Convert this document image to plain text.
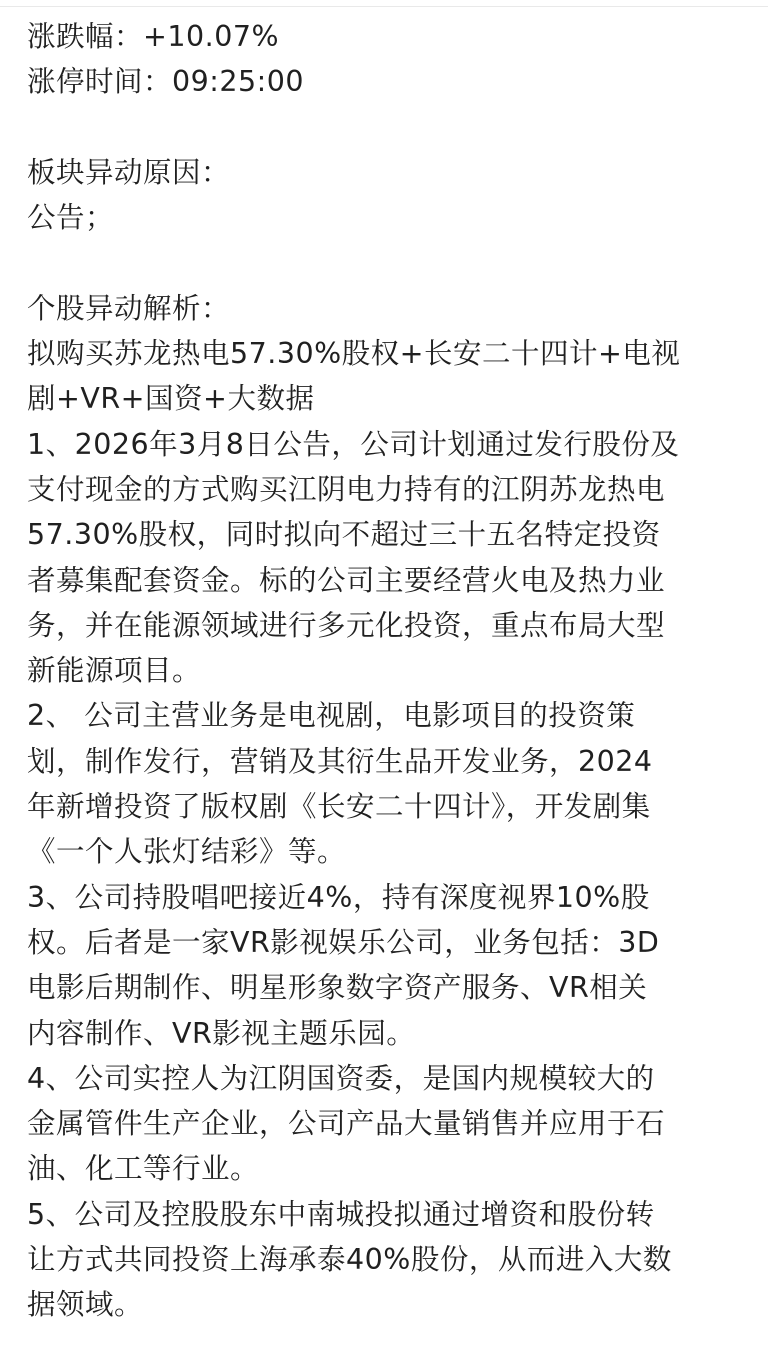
涨跌幅：+10.07%

涨停时间：09:25:00

板块异动原因：

公告；

个股异动解析：

拟购买苏龙热电57.30%股权+长安二十四计+电视

剧+VR+国资+大数据

1、2026年3月8日公告，公司计划通过发行股份及

支付现金的方式购买江阴电力持有的江阴苏龙热电

57.30%股权，同时拟向不超过三十五名特定投资

者募集配套资金。标的公司主要经营火电及热力业

务，并在能源领域进行多元化投资，重点布局大型

新能源项目。

2、 公司主营业务是电视剧，电影项目的投资策

划，制作发行，营销及其衍生品开发业务，2024

年新增投资了版权剧《长安二十四计》，开发剧集

《一个人张灯结彩》等。

3、公司持股唱吧接近4%，持有深度视界10%股

权。后者是一家VR影视娱乐公司，业务包括：3D

电影后期制作、明星形象数字资产服务、VR相关

内容制作、VR影视主题乐园。

4、公司实控人为江阴国资委，是国内规模较大的

金属管件生产企业，公司产品大量销售并应用于石

油、化工等行业。

5、公司及控股股东中南城投拟通过增资和股份转

让方式共同投资上海承泰40%股份，从而进入大数

据领域。
